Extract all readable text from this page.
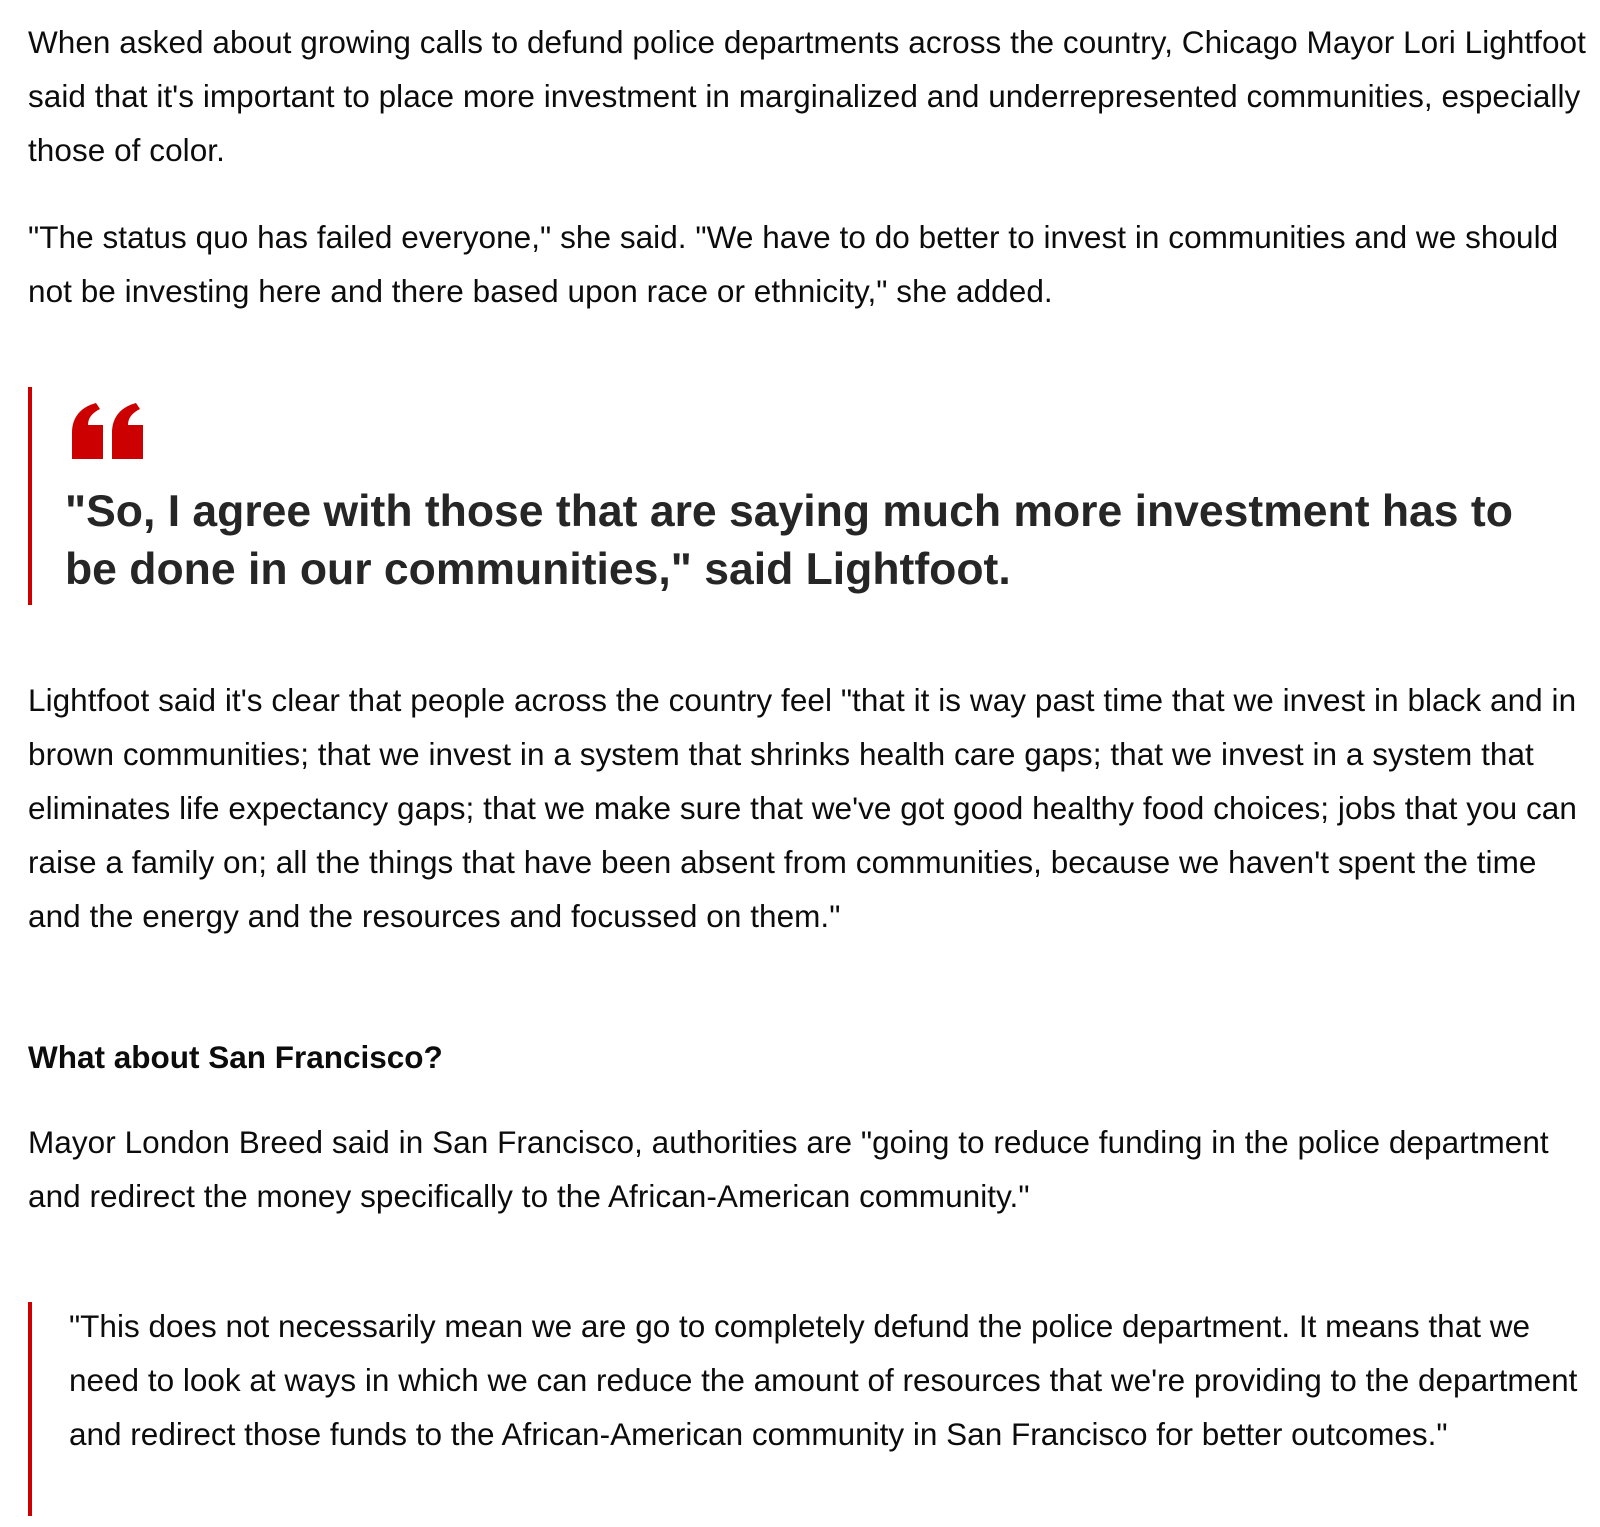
When asked about growing calls to defund police departments across the country, Chicago Mayor Lori Lightfoot said that it's important to place more investment in marginalized and underrepresented communities, especially those of color.

"The status quo has failed everyone," she said. "We have to do better to invest in communities and we should not be investing here and there based upon race or ethnicity," she added.

"So, I agree with those that are saying much more investment has to be done in our communities," said Lightfoot.

Lightfoot said it's clear that people across the country feel "that it is way past time that we invest in black and in brown communities; that we invest in a system that shrinks health care gaps; that we invest in a system that eliminates life expectancy gaps; that we make sure that we've got good healthy food choices; jobs that you can raise a family on; all the things that have been absent from communities, because we haven't spent the time and the energy and the resources and focussed on them."

What about San Francisco?

Mayor London Breed said in San Francisco, authorities are "going to reduce funding in the police department and redirect the money specifically to the African-American community."

"This does not necessarily mean we are go to completely defund the police department. It means that we need to look at ways in which we can reduce the amount of resources that we're providing to the department and redirect those funds to the African-American community in San Francisco for better outcomes."
